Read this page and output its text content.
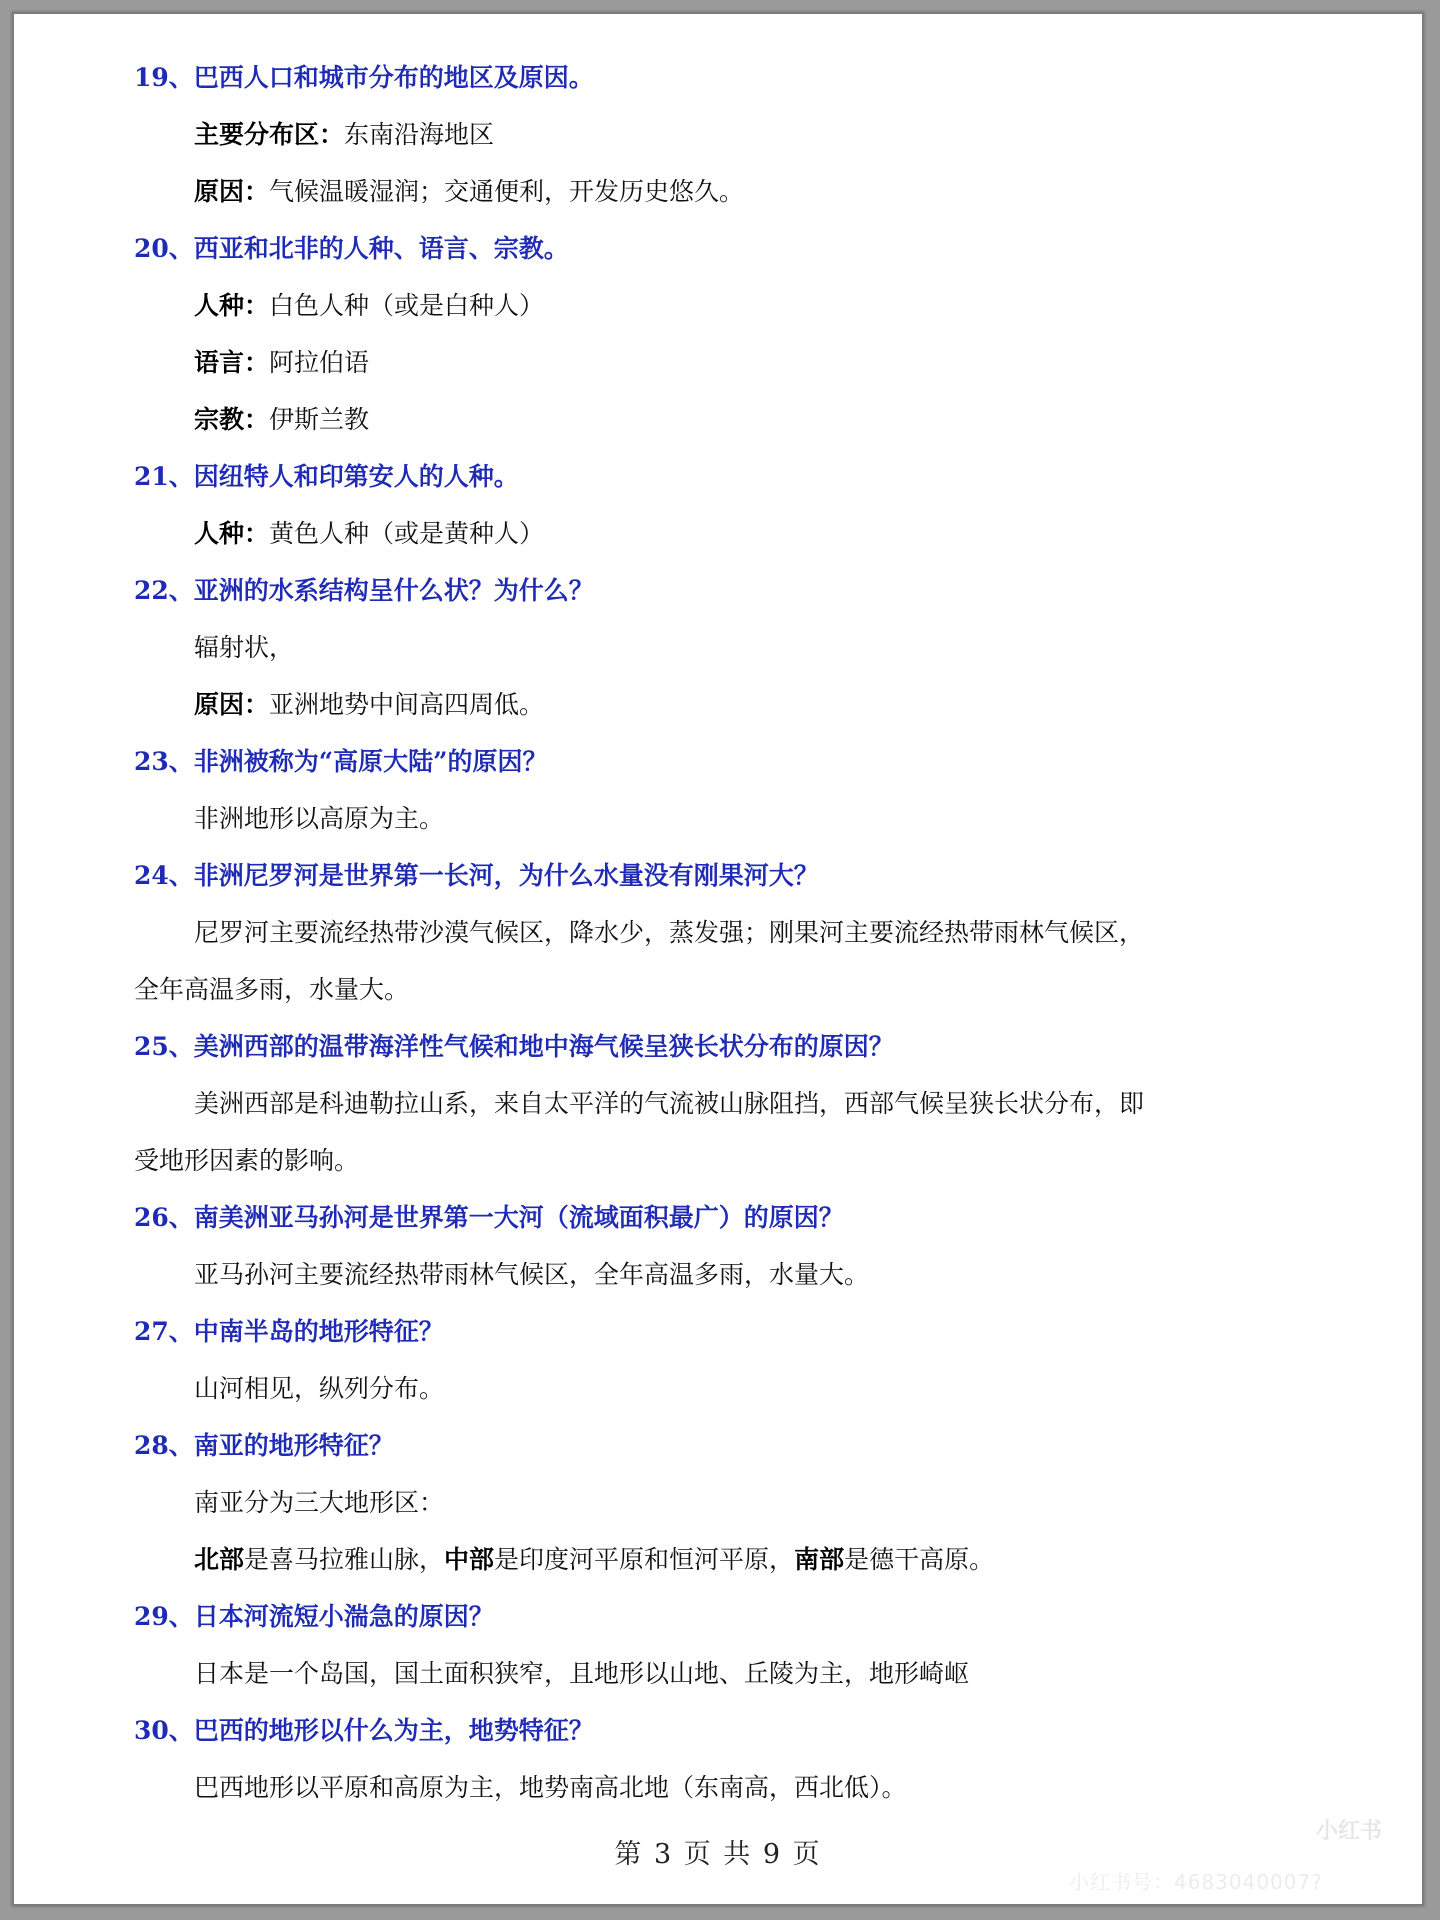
19、巴西人口和城市分布的地区及原因。
主要分布区：东南沿海地区
原因：气候温暖湿润；交通便利，开发历史悠久。
20、西亚和北非的人种、语言、宗教。
人种：白色人种（或是白种人）
语言：阿拉伯语
宗教：伊斯兰教
21、因纽特人和印第安人的人种。
人种：黄色人种（或是黄种人）
22、亚洲的水系结构呈什么状？为什么？
辐射状，
原因：亚洲地势中间高四周低。
23、非洲被称为“高原大陆”的原因？
非洲地形以高原为主。
24、非洲尼罗河是世界第一长河，为什么水量没有刚果河大？
尼罗河主要流经热带沙漠气候区，降水少，蒸发强；刚果河主要流经热带雨林气候区，
全年高温多雨，水量大。
25、美洲西部的温带海洋性气候和地中海气候呈狭长状分布的原因？
美洲西部是科迪勒拉山系，来自太平洋的气流被山脉阻挡，西部气候呈狭长状分布，即
受地形因素的影响。
26、南美洲亚马孙河是世界第一大河（流域面积最广）的原因？
亚马孙河主要流经热带雨林气候区，全年高温多雨，水量大。
27、中南半岛的地形特征？
山河相见，纵列分布。
28、南亚的地形特征？
南亚分为三大地形区：
北部是喜马拉雅山脉，中部是印度河平原和恒河平原，南部是德干高原。
29、日本河流短小湍急的原因？
日本是一个岛国，国土面积狭窄，且地形以山地、丘陵为主，地形崎岖
30、巴西的地形以什么为主，地势特征？
巴西地形以平原和高原为主，地势南高北地（东南高，西北低）。
第 3 页 共 9 页
小红书
小红书号：4683040007?
